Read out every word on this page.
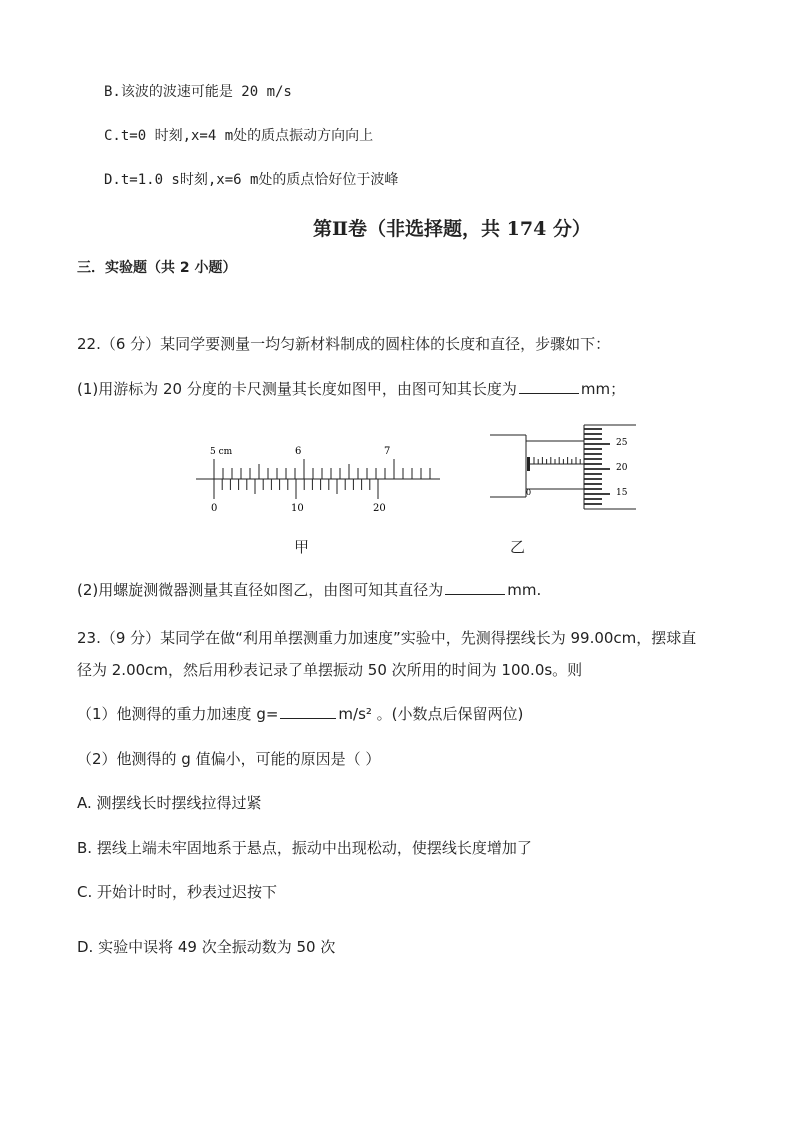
B.该波的波速可能是 20 m/s
C.t=0 时刻,x=4 m处的质点振动方向向上
D.t=1.0 s时刻,x=6 m处的质点恰好位于波峰
第Ⅱ卷（非选择题，共 174 分）
三．实验题（共 2 小题）
22.（6 分）某同学要测量一均匀新材料制成的圆柱体的长度和直径，步骤如下：
(1)用游标为 20 分度的卡尺测量其长度如图甲，由图可知其长度为	mm；
5 cm	6	7
0	10	20
0
25
20
15
甲	乙
(2)用螺旋测微器测量其直径如图乙，由图可知其直径为	mm.
23.（9 分）某同学在做“利用单摆测重力加速度”实验中，先测得摆线长为 99.00cm，摆球直
径为 2.00cm，然后用秒表记录了单摆振动 50 次所用的时间为 100.0s。则
（1）他测得的重力加速度 g=	m/s² 。(小数点后保留两位)
（2）他测得的 g 值偏小，可能的原因是（ ）
A. 测摆线长时摆线拉得过紧
B. 摆线上端未牢固地系于悬点，振动中出现松动，使摆线长度增加了
C. 开始计时时，秒表过迟按下
D. 实验中误将 49 次全振动数为 50 次
